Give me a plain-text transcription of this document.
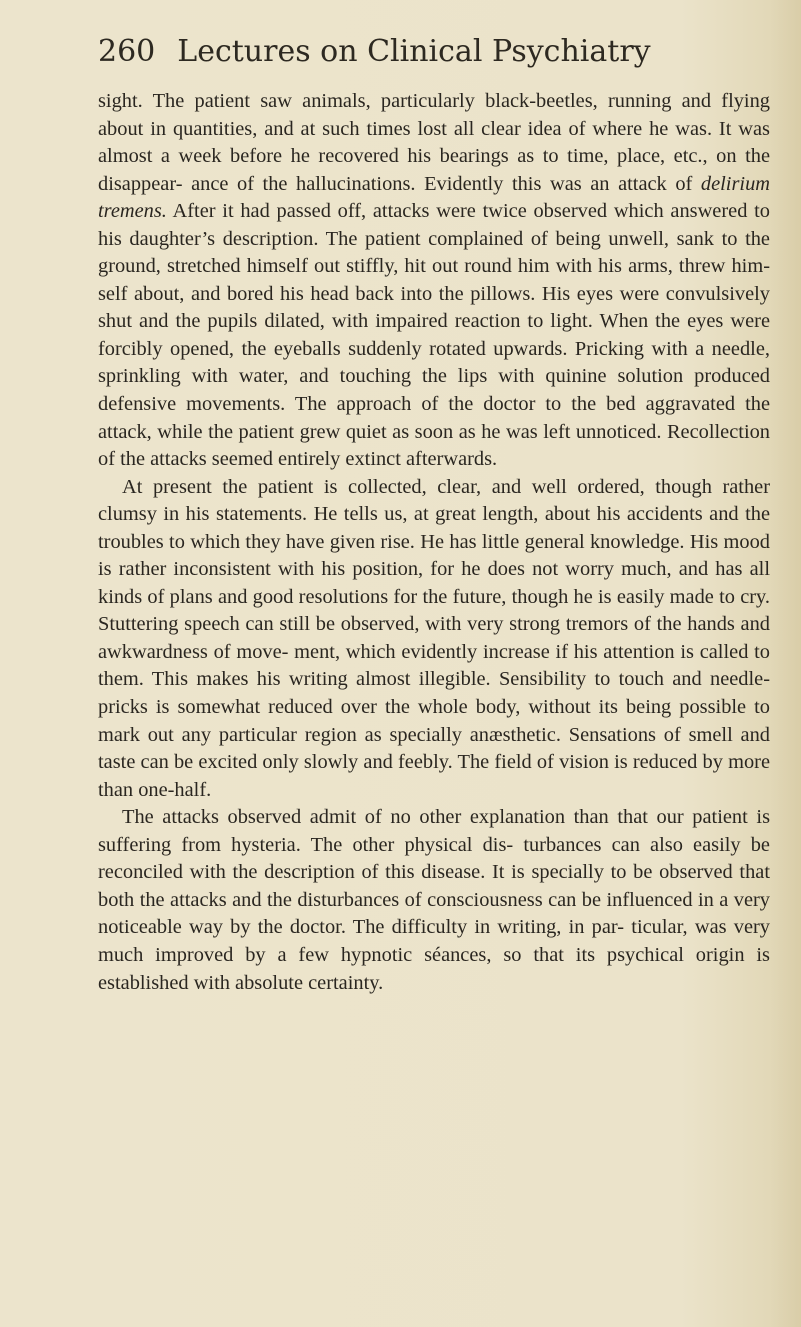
260 Lectures on Clinical Psychiatry

sight. The patient saw animals, particularly black-beetles, running and flying about in quantities, and at such times lost all clear idea of where he was. It was almost a week before he recovered his bearings as to time, place, etc., on the disappear- ance of the hallucinations. Evidently this was an attack of delirium tremens. After it had passed off, attacks were twice observed which answered to his daughter’s description. The patient complained of being unwell, sank to the ground, stretched himself out stiffly, hit out round him with his arms, threw him- self about, and bored his head back into the pillows. His eyes were convulsively shut and the pupils dilated, with impaired reaction to light. When the eyes were forcibly opened, the eyeballs suddenly rotated upwards. Pricking with a needle, sprinkling with water, and touching the lips with quinine solution produced defensive movements. The approach of the doctor to the bed aggravated the attack, while the patient grew quiet as soon as he was left unnoticed. Recollection of the attacks seemed entirely extinct afterwards.

At present the patient is collected, clear, and well ordered, though rather clumsy in his statements. He tells us, at great length, about his accidents and the troubles to which they have given rise. He has little general knowledge. His mood is rather inconsistent with his position, for he does not worry much, and has all kinds of plans and good resolutions for the future, though he is easily made to cry. Stuttering speech can still be observed, with very strong tremors of the hands and awkwardness of move- ment, which evidently increase if his attention is called to them. This makes his writing almost illegible. Sensibility to touch and needle-pricks is somewhat reduced over the whole body, without its being possible to mark out any particular region as specially anæsthetic. Sensations of smell and taste can be excited only slowly and feebly. The field of vision is reduced by more than one-half.

The attacks observed admit of no other explanation than that our patient is suffering from hysteria. The other physical dis- turbances can also easily be reconciled with the description of this disease. It is specially to be observed that both the attacks and the disturbances of consciousness can be influenced in a very noticeable way by the doctor. The difficulty in writing, in par- ticular, was very much improved by a few hypnotic séances, so that its psychical origin is established with absolute certainty.
